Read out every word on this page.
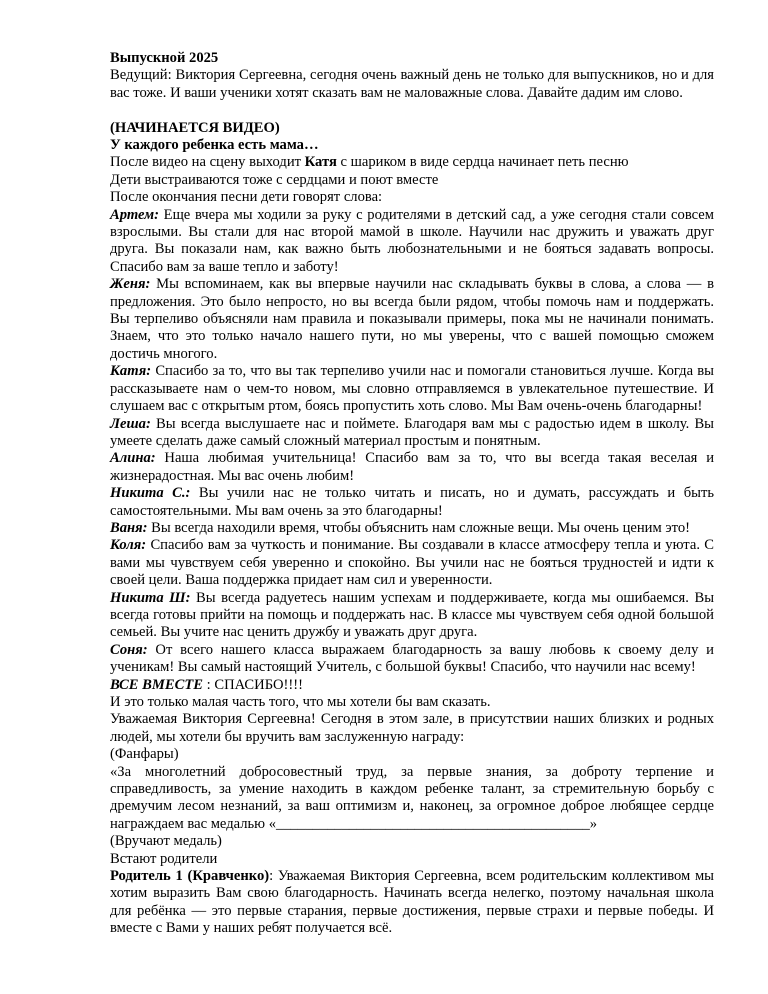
Выпускной 2025

Ведущий: Виктория Сергеевна, сегодня очень важный день не только для выпускников, но и для вас тоже. И ваши ученики хотят сказать вам не маловажные слова. Давайте дадим им слово.

(НАЧИНАЕТСЯ ВИДЕО)

У каждого ребенка есть мама…

После видео на сцену выходит Катя с шариком в виде сердца начинает петь песню

Дети выстраиваются тоже с сердцами и поют вместе

После окончания песни дети говорят слова:

Артем: Еще вчера мы ходили за руку с родителями в детский сад, а уже сегодня стали совсем взрослыми. Вы стали для нас второй мамой в школе. Научили нас дружить и уважать друг друга. Вы показали нам, как важно быть любознательными и не бояться задавать вопросы. Спасибо вам за ваше тепло и заботу!

Женя: Мы вспоминаем, как вы впервые научили нас складывать буквы в слова, а слова — в предложения. Это было непросто, но вы всегда были рядом, чтобы помочь нам и поддержать. Вы терпеливо объясняли нам правила и показывали примеры, пока мы не начинали понимать. Знаем, что это только начало нашего пути, но мы уверены, что с вашей помощью сможем достичь многого.

Катя: Спасибо за то, что вы так терпеливо учили нас и помогали становиться лучше. Когда вы рассказываете нам о чем-то новом, мы словно отправляемся в увлекательное путешествие. И слушаем вас с открытым ртом, боясь пропустить хоть слово. Мы Вам очень-очень благодарны!

Леша: Вы всегда выслушаете нас и поймете. Благодаря вам мы с радостью идем в школу. Вы умеете сделать даже самый сложный материал простым и понятным.

Алина: Наша любимая учительница! Спасибо вам за то, что вы всегда такая веселая и жизнерадостная. Мы вас очень любим!

Никита С.: Вы учили нас не только читать и писать, но и думать, рассуждать и быть самостоятельными. Мы вам очень за это благодарны!

Ваня: Вы всегда находили время, чтобы объяснить нам сложные вещи. Мы очень ценим это!

Коля: Спасибо вам за чуткость и понимание. Вы создавали в классе атмосферу тепла и уюта. С вами мы чувствуем себя уверенно и спокойно. Вы учили нас не бояться трудностей и идти к своей цели. Ваша поддержка придает нам сил и уверенности.

Никита Ш: Вы всегда радуетесь нашим успехам и поддерживаете, когда мы ошибаемся. Вы всегда готовы прийти на помощь и поддержать нас. В классе мы чувствуем себя одной большой семьей. Вы учите нас ценить дружбу и уважать друг друга.

Соня: От всего нашего класса выражаем благодарность за вашу любовь к своему делу и ученикам! Вы самый настоящий Учитель, с большой буквы! Спасибо, что научили нас всему!

ВСЕ ВМЕСТЕ : СПАСИБО!!!!

И это только малая часть того, что мы хотели бы вам сказать.

Уважаемая Виктория Сергеевна! Сегодня в этом зале, в присутствии наших близких и родных людей, мы хотели бы вручить вам заслуженную награду:

(Фанфары)

«За многолетний добросовестный труд, за первые знания, за доброту терпение и справедливость, за умение находить в каждом ребенке талант, за стремительную борьбу с дремучим лесом незнаний, за ваш оптимизм и, наконец, за огромное доброе любящее сердце награждаем вас медалью «___________________________________________»

(Вручают медаль)

Встают родители

Родитель 1 (Кравченко): Уважаемая Виктория Сергеевна, всем родительским коллективом мы хотим выразить Вам свою благодарность. Начинать всегда нелегко, поэтому начальная школа для ребёнка — это первые старания, первые достижения, первые страхи и первые победы. И вместе с Вами у наших ребят получается всё.
